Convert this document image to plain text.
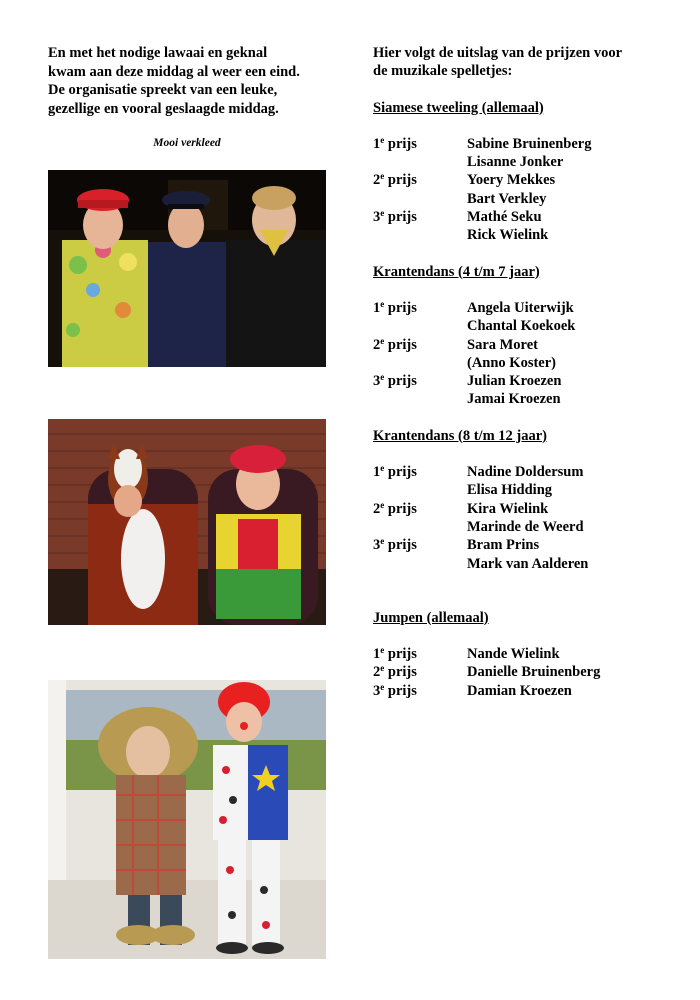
En met het nodige lawaai en geknal
kwam aan deze middag al weer een eind.
De organisatie spreekt van een leuke,
gezellige en vooral geslaagde middag.
Mooi verkleed
Hier volgt de uitslag van de prijzen voor
de muzikale spelletjes:
Siamese tweeling (allemaal)
1e prijs	Sabine Bruinenberg
Lisanne Jonker
2e prijs	Yoery Mekkes
Bart Verkley
3e prijs	Mathé Seku
Rick Wielink
Krantendans (4 t/m 7 jaar)
1e prijs	Angela Uiterwijk
Chantal Koekoek
2e prijs	Sara Moret
(Anno Koster)
3e prijs	Julian Kroezen
Jamai Kroezen
Krantendans (8 t/m 12 jaar)
1e prijs	Nadine Doldersum
Elisa Hidding
2e prijs	Kira Wielink
Marinde de Weerd
3e prijs	Bram Prins
Mark van Aalderen
Jumpen (allemaal)
1e prijs	Nande Wielink
2e prijs	Danielle Bruinenberg
3e prijs	Damian Kroezen
